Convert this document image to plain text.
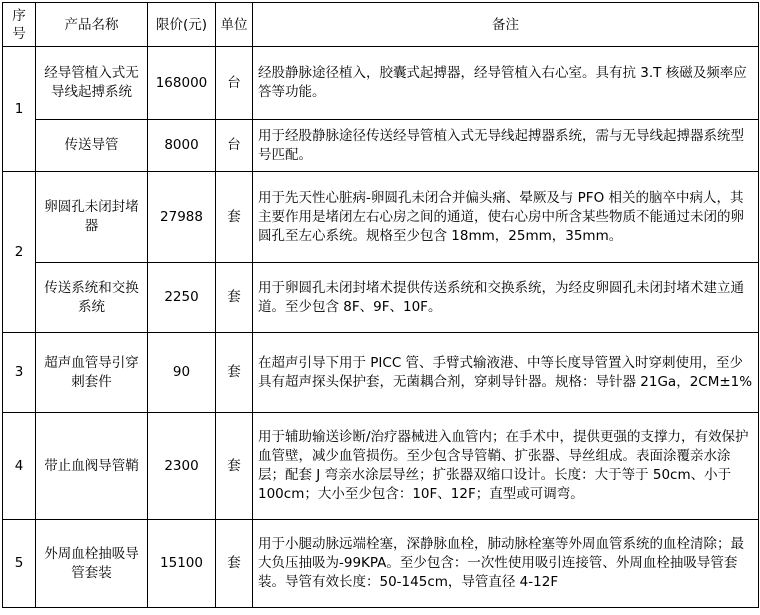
序号	产品名称	限价(元)	单位	备注
1	经导管植入式无导线起搏系统	168000	台	经股静脉途径植入，胶囊式起搏器，经导管植入右心室。具有抗 3.T 核磁及频率应答等功能。
	传送导管	8000	台	用于经股静脉途径传送经导管植入式无导线起搏器系统，需与无导线起搏器系统型号匹配。
2	卵圆孔未闭封堵器	27988	套	用于先天性心脏病-卵圆孔未闭合并偏头痛、晕厥及与 PFO 相关的脑卒中病人，其主要作用是堵闭左右心房之间的通道，使右心房中所含某些物质不能通过未闭的卵圆孔至左心系统。规格至少包含 18mm，25mm，35mm。
	传送系统和交换系统	2250	套	用于卵圆孔未闭封堵术提供传送系统和交换系统，为经皮卵圆孔未闭封堵术建立通道。至少包含 8F、9F、10F。
3	超声血管导引穿刺套件	90	套	在超声引导下用于 PICC 管、手臂式输液港、中等长度导管置入时穿刺使用，至少具有超声探头保护套，无菌耦合剂，穿刺导针器。规格：导针器 21Ga，2CM±1%
4	带止血阀导管鞘	2300	套	用于辅助输送诊断/治疗器械进入血管内；在手术中，提供更强的支撑力，有效保护血管壁，减少血管损伤。至少包含导管鞘、扩张器、导丝组成。表面涂覆亲水涂层；配套 J 弯亲水涂层导丝；扩张器双缩口设计。长度：大于等于 50cm、小于 100cm；大小至少包含：10F、12F；直型或可调弯。
5	外周血栓抽吸导管套装	15100	套	用于小腿动脉远端栓塞，深静脉血栓，肺动脉栓塞等外周血管系统的血栓清除；最大负压抽吸为-99KPA。至少包含：一次性使用吸引连接管、外周血栓抽吸导管套装。导管有效长度：50-145cm，导管直径 4-12F
